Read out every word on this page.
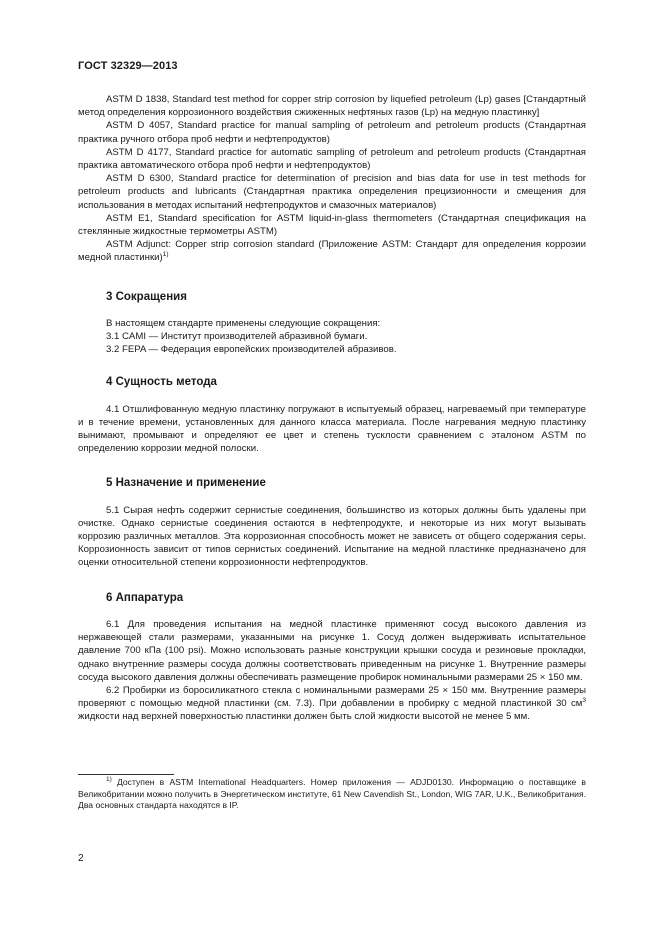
ГОСТ 32329—2013

ASTM D 1838, Standard test method for copper strip corrosion by liquefied petroleum (Lp) gases [Стандартный метод определения коррозионного воздействия сжиженных нефтяных газов (Lp) на медную пластинку]

ASTM D 4057, Standard practice for manual sampling of petroleum and petroleum products (Стандартная практика ручного отбора проб нефти и нефтепродуктов)

ASTM D 4177, Standard practice for automatic sampling of petroleum and petroleum products (Стандартная практика автоматического отбора проб нефти и нефтепродуктов)

ASTM D 6300, Standard practice for determination of precision and bias data for use in test methods for petroleum products and lubricants (Стандартная практика определения прецизионности и смещения для использования в методах испытаний нефтепродуктов и смазочных материалов)

ASTM E1, Standard specification for ASTM liquid-in-glass thermometers (Стандартная спецификация на стеклянные жидкостные термометры ASTM)

ASTM Adjunct: Copper strip corrosion standard (Приложение ASTM: Стандарт для определения коррозии медной пластинки)$^{1)}$

3 Сокращения

В настоящем стандарте применены следующие сокращения:

3.1 CAMI — Институт производителей абразивной бумаги.

3.2 FEPA — Федерация европейских производителей абразивов.

4 Сущность метода

4.1 Отшлифованную медную пластинку погружают в испытуемый образец, нагреваемый при температуре и в течение времени, установленных для данного класса материала. После нагревания медную пластинку вынимают, промывают и определяют ее цвет и степень тусклости сравнением с эталоном ASTM по определению коррозии медной полоски.

5 Назначение и применение

5.1 Сырая нефть содержит сернистые соединения, большинство из которых должны быть удалены при очистке. Однако сернистые соединения остаются в нефтепродукте, и некоторые из них могут вызывать коррозию различных металлов. Эта коррозионная способность может не зависеть от общего содержания серы. Коррозионность зависит от типов сернистых соединений. Испытание на медной пластинке предназначено для оценки относительной степени коррозионности нефтепродуктов.

6 Аппаратура

6.1 Для проведения испытания на медной пластинке применяют сосуд высокого давления из нержавеющей стали размерами, указанными на рисунке 1. Сосуд должен выдерживать испытательное давление 700 кПа (100 psi). Можно использовать разные конструкции крышки сосуда и резиновые прокладки, однако внутренние размеры сосуда должны соответствовать приведенным на рисунке 1. Внутренние размеры сосуда высокого давления должны обеспечивать размещение пробирок номинальными размерами 25 × 150 мм.

6.2 Пробирки из боросиликатного стекла с номинальными размерами 25 × 150 мм. Внутренние размеры проверяют с помощью медной пластинки (см. 7.3). При добавлении в пробирку с медной пластинкой 30 $см^3$ жидкости над верхней поверхностью пластинки должен быть слой жидкости высотой не менее 5 мм.

$^{1)}$ Доступен в ASTM International Headquarters. Номер приложения — ADJD0130. Информацию о поставщике в Великобритании можно получить в Энергетическом институте, 61 New Cavendish St., London, WIG 7AR, U.K., Великобритания. Два основных стандарта находятся в IP.

2
